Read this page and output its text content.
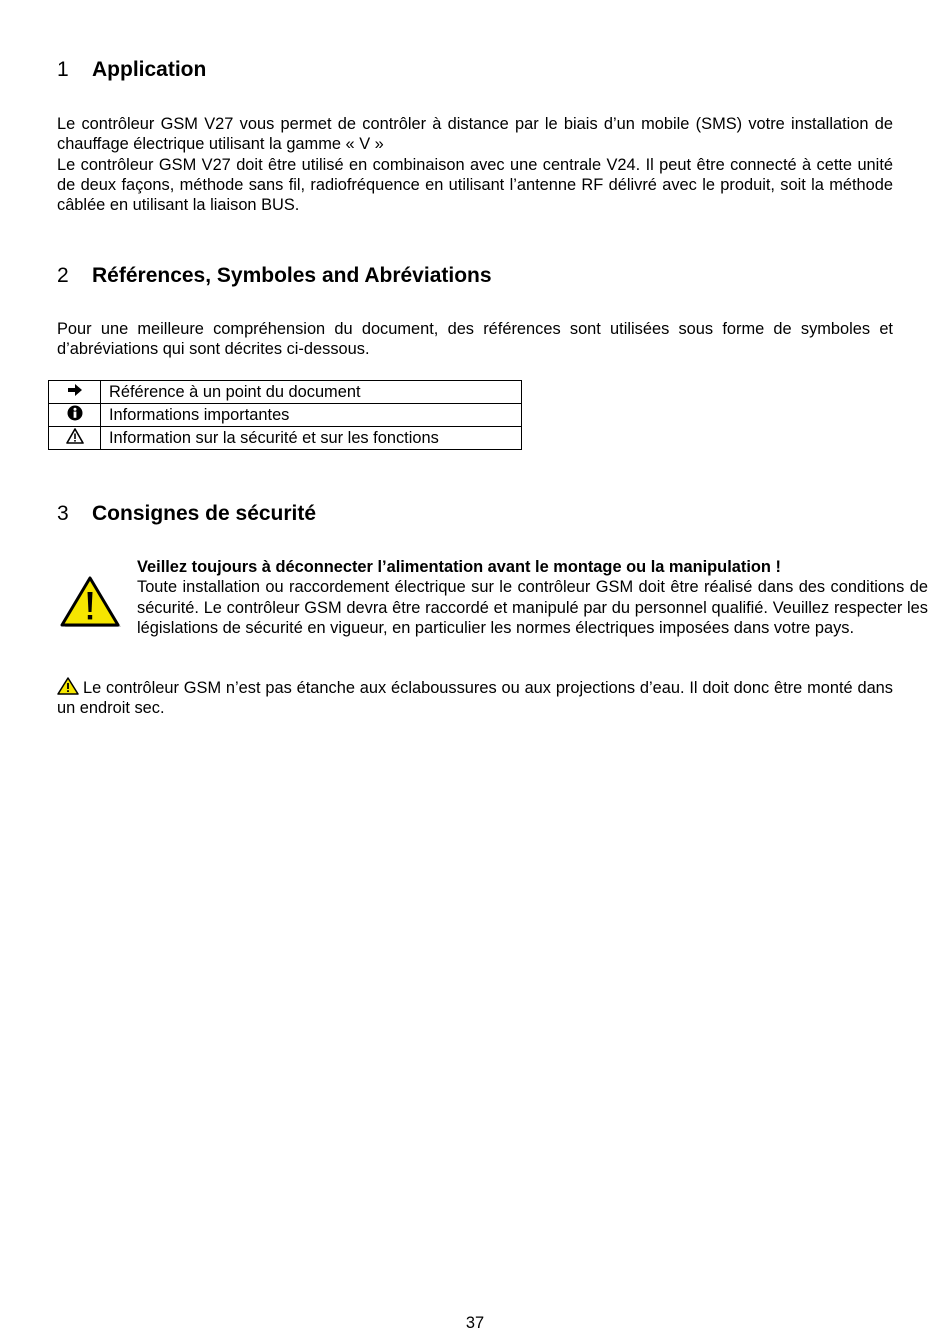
1	Application

Le contrôleur GSM V27 vous permet de contrôler à distance par le biais d’un mobile (SMS) votre installation de chauffage électrique utilisant la gamme « V »

Le contrôleur GSM V27 doit être utilisé en combinaison avec une centrale V24. Il peut être connecté à cette unité de deux façons, méthode sans fil, radiofréquence en utilisant l’antenne RF délivré avec le produit, soit la méthode câblée en utilisant la liaison BUS.

2	Références, Symboles and Abréviations

Pour une meilleure compréhension du document, des références sont utilisées sous forme de symboles et d’abréviations qui sont décrites ci-dessous.

	Référence à un point du document
	Informations importantes
	Information sur la sécurité et sur les fonctions
3	Consignes de sécurité

Veillez toujours à déconnecter l’alimentation avant le montage ou la manipulation !

Toute installation ou raccordement électrique sur le contrôleur GSM doit être réalisé dans des conditions de sécurité. Le contrôleur GSM devra être raccordé et manipulé par du personnel qualifié. Veuillez respecter les législations de sécurité en vigueur, en particulier les normes électriques imposées dans votre pays.

Le contrôleur GSM n’est pas étanche aux éclaboussures ou aux projections d’eau. Il doit donc être monté dans un endroit sec.
37
